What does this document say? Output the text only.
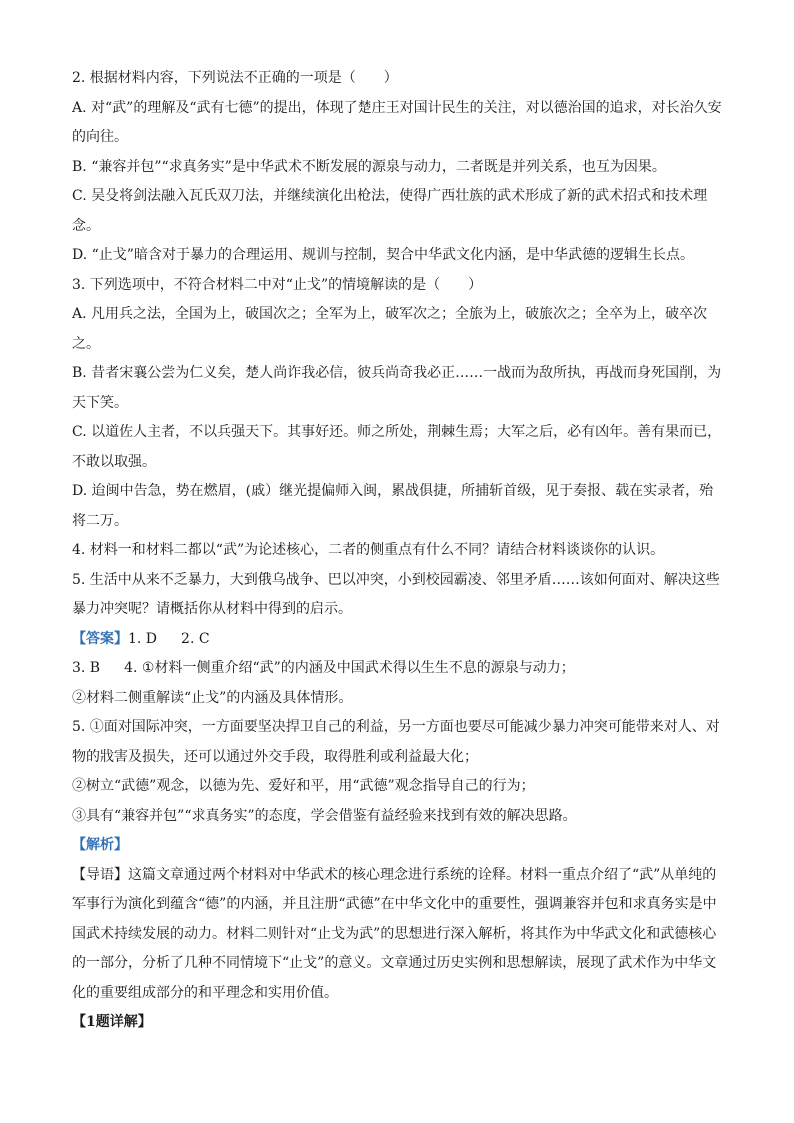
2. 根据材料内容，下列说法不正确的一项是（　　）

A. 对“武”的理解及“武有七德”的提出，体现了楚庄王对国计民生的关注，对以德治国的追求，对长治久安的向往。

B. “兼容并包”“求真务实”是中华武术不断发展的源泉与动力，二者既是并列关系，也互为因果。

C. 吴殳将剑法融入瓦氏双刀法，并继续演化出枪法，使得广西壮族的武术形成了新的武术招式和技术理念。

D. “止戈”暗含对于暴力的合理运用、规训与控制，契合中华武文化内涵，是中华武德的逻辑生长点。

3. 下列选项中，不符合材料二中对“止戈”的情境解读的是（　　）

A. 凡用兵之法，全国为上，破国次之；全军为上，破军次之；全旅为上，破旅次之；全卒为上，破卒次之。

B. 昔者宋襄公尝为仁义矣，楚人尚诈我必信，彼兵尚奇我必正……一战而为敌所执，再战而身死国削，为天下笑。

C. 以道佐人主者，不以兵强天下。其事好还。师之所处，荆棘生焉；大军之后，必有凶年。善有果而已，不敢以取强。

D. 迨闽中告急，势在燃眉，(戚）继光提偏师入闽，累战俱捷，所捕斩首级，见于奏报、载在实录者，殆将二万。

4. 材料一和材料二都以“武”为论述核心，二者的侧重点有什么不同？请结合材料谈谈你的认识。

5. 生活中从来不乏暴力，大到俄乌战争、巴以冲突，小到校园霸凌、邻里矛盾……该如何面对、解决这些暴力冲突呢？请概括你从材料中得到的启示。

【答案】1. D 2. C

3. B 4. ①材料一侧重介绍“武”的内涵及中国武术得以生生不息的源泉与动力；

②材料二侧重解读“止戈”的内涵及具体情形。

5. ①面对国际冲突，一方面要坚决捍卫自己的利益，另一方面也要尽可能减少暴力冲突可能带来对人、对物的戕害及损失，还可以通过外交手段，取得胜利或利益最大化；

②树立“武德”观念，以德为先、爱好和平，用“武德”观念指导自己的行为；

③具有“兼容并包”“求真务实”的态度，学会借鉴有益经验来找到有效的解决思路。

【解析】

【导语】这篇文章通过两个材料对中华武术的核心理念进行系统的诠释。材料一重点介绍了“武”从单纯的军事行为演化到蕴含“德”的内涵，并且注册“武德”在中华文化中的重要性，强调兼容并包和求真务实是中国武术持续发展的动力。材料二则针对“止戈为武”的思想进行深入解析，将其作为中华武文化和武德核心的一部分，分析了几种不同情境下“止戈”的意义。文章通过历史实例和思想解读，展现了武术作为中华文化的重要组成部分的和平理念和实用价值。

【1题详解】
